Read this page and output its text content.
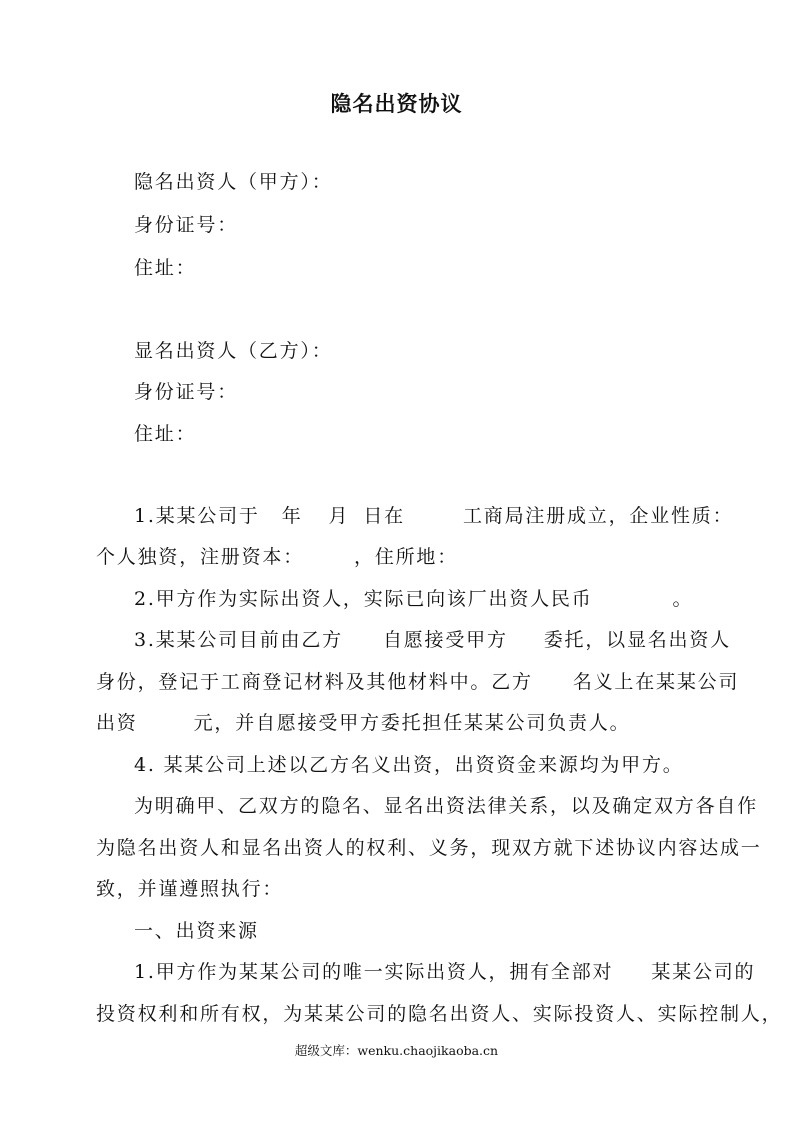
隐名出资协议
隐名出资人（甲方）：
身份证号：
住址：
显名出资人（乙方）：
身份证号：
住址：
1.某某公司于 年 月 日在	工商局注册成立，企业性质：
个人独资，注册资本：	，住所地：
2.甲方作为实际出资人，实际已向该厂出资人民币	。
3.某某公司目前由乙方 自愿接受甲方 委托，以显名出资人
身份，登记于工商登记材料及其他材料中。乙方 名义上在某某公司
出资	元，并自愿接受甲方委托担任某某公司负责人。
4. 某某公司上述以乙方名义出资，出资资金来源均为甲方。
为明确甲、乙双方的隐名、显名出资法律关系，以及确定双方各自作
为隐名出资人和显名出资人的权利、义务，现双方就下述协议内容达成一
致，并谨遵照执行：
一、出资来源
1.甲方作为某某公司的唯一实际出资人，拥有全部对 某某公司的
投资权利和所有权，为某某公司的隐名出资人、实际投资人、实际控制人，
超级文库：wenku.chaojikaoba.cn
